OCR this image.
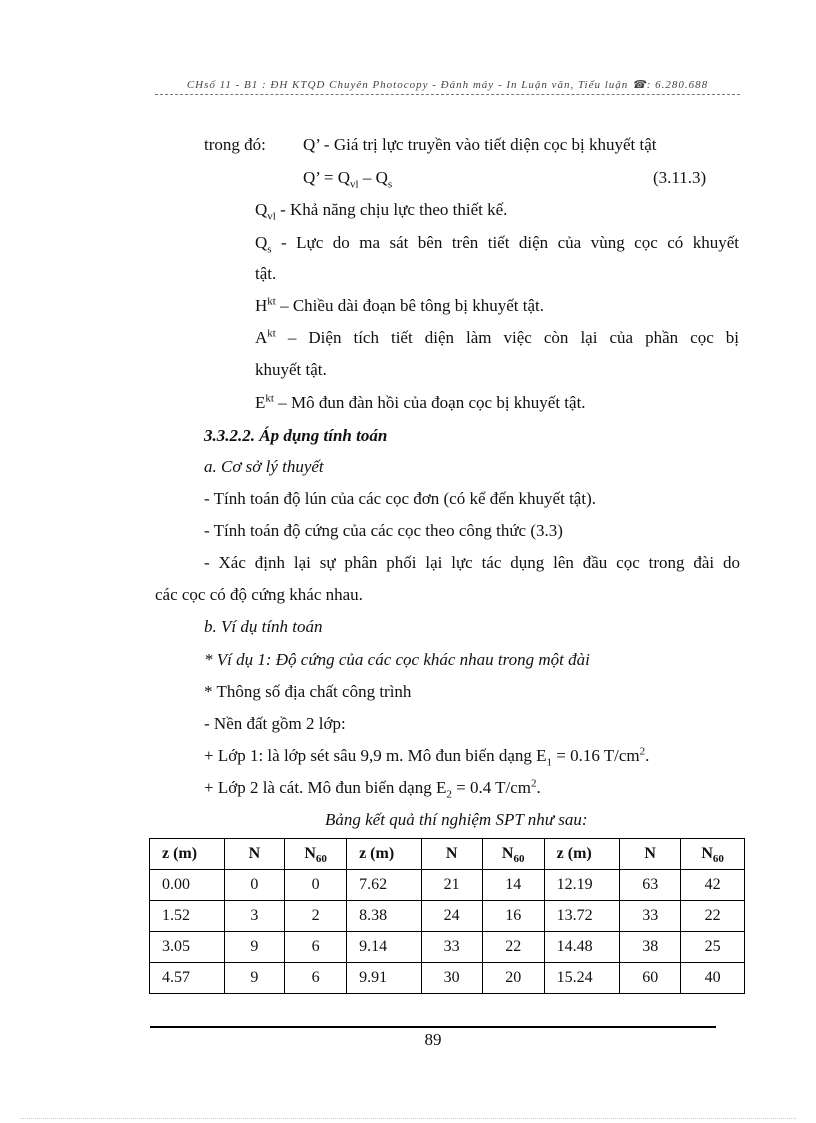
CHsố 11 - B1 : ĐH KTQD Chuyên Photocopy - Đánh máy - In Luận văn, Tiểu luận ☎: 6.280.688
trong đó: Q’ - Giá trị lực truyền vào tiết diện cọc bị khuyết tật
Q’ = $Q_{vl} - Q_s$	(3.11.3)
$Q_{vl}$ - Khả năng chịu lực theo thiết kế.
$Q_s$ - Lực do ma sát bên trên tiết diện của vùng cọc có khuyết
tật.
$H^{kt}$ – Chiều dài đoạn bê tông bị khuyết tật.
$A^{kt}$ – Diện tích tiết diện làm việc còn lại của phần cọc bị
khuyết tật.
$E^{kt}$ – Mô đun đàn hồi của đoạn cọc bị khuyết tật.
3.3.2.2. Áp dụng tính toán
a. Cơ sở lý thuyết
- Tính toán độ lún của các cọc đơn (có kể đến khuyết tật).
- Tính toán độ cứng của các cọc theo công thức (3.3)
- Xác định lại sự phân phối lại lực tác dụng lên đầu cọc trong đài do
các cọc có độ cứng khác nhau.
b. Ví dụ tính toán
* Ví dụ 1: Độ cứng của các cọc khác nhau trong một đài
* Thông số địa chất công trình
- Nền đất gồm 2 lớp:
+ Lớp 1: là lớp sét sâu 9,9 m. Mô đun biến dạng $E_1 = 0.16$ $T/cm^2$.
+ Lớp 2 là cát. Mô đun biến dạng $E_2 = 0.4$ $T/cm^2$.
Bảng kết quả thí nghiệm SPT như sau:
z (m)	N	$N_{60}$	z (m)	N	$N_{60}$	z (m)	N	$N_{60}$
0.00	0	0	7.62	21	14	12.19	63	42
1.52	3	2	8.38	24	16	13.72	33	22
3.05	9	6	9.14	33	22	14.48	38	25
4.57	9	6	9.91	30	20	15.24	60	40
89
